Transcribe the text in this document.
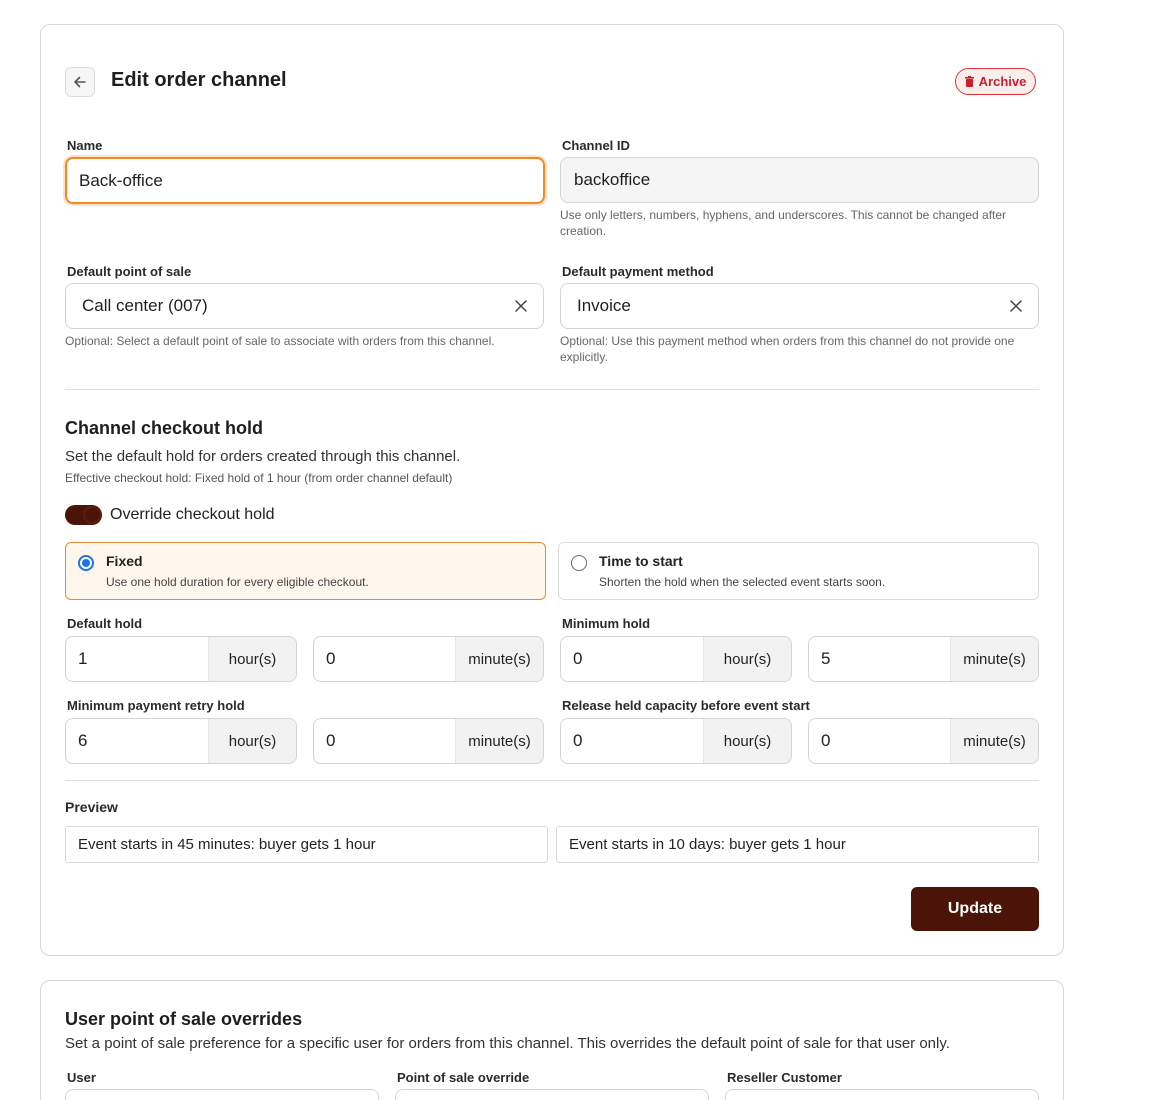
Edit order channel	Archive
Name
Back-office
Channel ID
backoffice
Use only letters, numbers, hyphens, and underscores. This cannot be changed after creation.
Default point of sale
Call center (007)
Optional: Select a default point of sale to associate with orders from this channel.
Default payment method
Invoice
Optional: Use this payment method when orders from this channel do not provide one explicitly.
Channel checkout hold
Set the default hold for orders created through this channel.
Effective checkout hold: Fixed hold of 1 hour (from order channel default)
Override checkout hold
Fixed
Use one hold duration for every eligible checkout.
Time to start
Shorten the hold when the selected event starts soon.
Default hold
1	hour(s)	0	minute(s)
Minimum hold
0	hour(s)	5	minute(s)
Minimum payment retry hold
6	hour(s)	0	minute(s)
Release held capacity before event start
0	hour(s)	0	minute(s)
Preview
Event starts in 45 minutes: buyer gets 1 hour	Event starts in 10 days: buyer gets 1 hour
Update
User point of sale overrides
Set a point of sale preference for a specific user for orders from this channel. This overrides the default point of sale for that user only.
User	Point of sale override	Reseller Customer
